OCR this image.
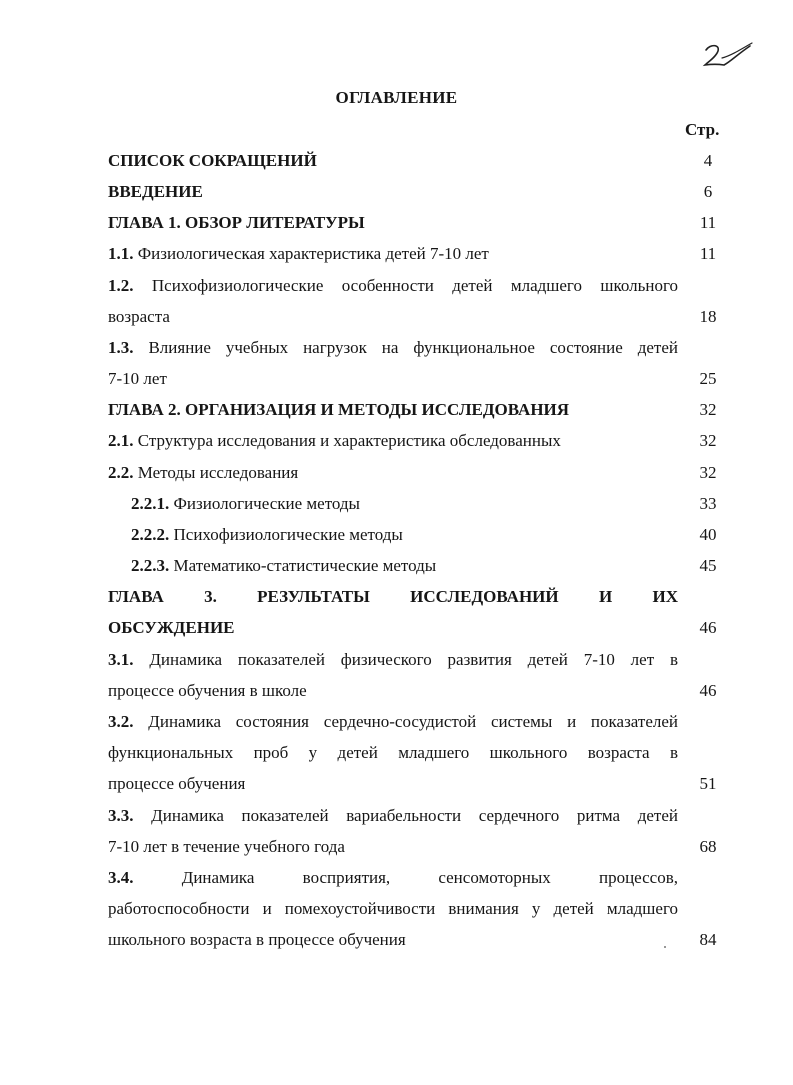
ОГЛАВЛЕНИЕ
Стр.
СПИСОК СОКРАЩЕНИЙ	4
ВВЕДЕНИЕ	6
ГЛАВА 1. ОБЗОР ЛИТЕРАТУРЫ	11
1.1. Физиологическая характеристика детей 7-10 лет	11
1.2. Психофизиологические особенности детей младшего школьного
возраста	18
1.3. Влияние учебных нагрузок на функциональное состояние детей
7-10 лет	25
ГЛАВА 2. ОРГАНИЗАЦИЯ И МЕТОДЫ ИССЛЕДОВАНИЯ	32
2.1. Структура исследования и характеристика обследованных	32
2.2. Методы исследования	32
2.2.1. Физиологические методы	33
2.2.2. Психофизиологические методы	40
2.2.3. Математико-статистические методы	45
ГЛАВА 3. РЕЗУЛЬТАТЫ ИССЛЕДОВАНИЙ И ИХ
ОБСУЖДЕНИЕ	46
3.1. Динамика показателей физического развития детей 7-10 лет в
процессе обучения в школе	46
3.2. Динамика состояния сердечно-сосудистой системы и показателей
функциональных проб у детей младшего школьного возраста в
процессе обучения	51
3.3. Динамика показателей вариабельности сердечного ритма детей
7-10 лет в течение учебного года	68
3.4.	Динамика восприятия, сенсомоторных процессов,
работоспособности и помехоустойчивости внимания у детей младшего
школьного возраста в процессе обучения	84
